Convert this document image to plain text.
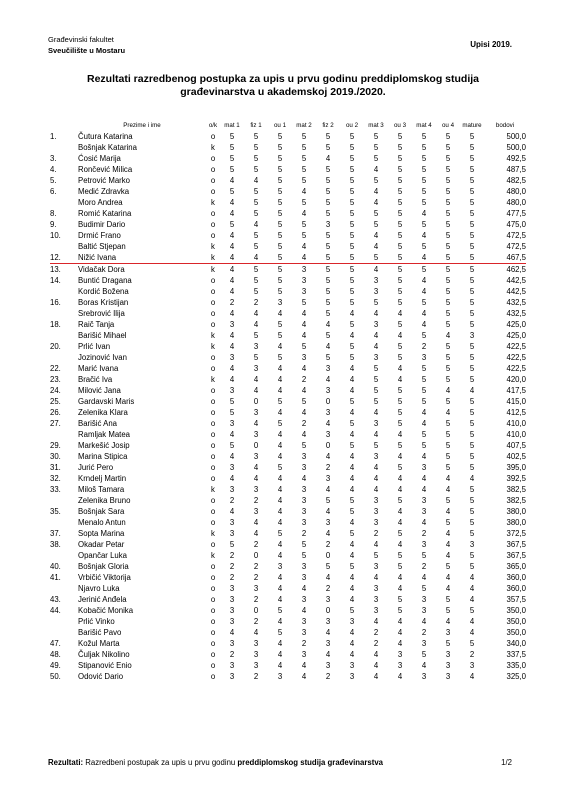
Građevinski fakultet
Sveučilište u Mostaru
Upisi 2019.
Rezultati razredbenog postupka za upis u prvu godinu preddiplomskog studija
građevinarstva u akademskoj 2019./2020.
	Prezime i ime	o/k	mat 1	fiz 1	ou 1	mat 2	fiz 2	ou 2	mat 3	ou 3	mat 4	ou 4	mature	bodovi
1.	Čutura Katarina	o	5	5	5	5	5	5	5	5	5	5	5	500,0
	Bošnjak Katarina	k	5	5	5	5	5	5	5	5	5	5	5	500,0
3.	Ćosić Marija	o	5	5	5	5	4	5	5	5	5	5	5	492,5
4.	Rončević Milica	o	5	5	5	5	5	5	4	5	5	5	5	487,5
5.	Petrović Marko	o	4	4	5	5	5	5	5	5	5	5	5	482,5
6.	Medić Zdravka	o	5	5	5	4	5	5	4	5	5	5	5	480,0
	Moro Andrea	k	4	5	5	5	5	5	4	5	5	5	5	480,0
8.	Romić Katarina	o	4	5	5	4	5	5	5	5	4	5	5	477,5
9.	Budimir Dario	o	5	4	5	5	3	5	5	5	5	5	5	475,0
10.	Drmić Frano	o	4	5	5	5	5	5	4	5	4	5	5	472,5
	Baltić Stjepan	k	4	5	5	4	5	5	4	5	5	5	5	472,5
12.	Nižić Ivana	k	4	4	5	4	5	5	5	5	4	5	5	467,5
13.	Vidačak Dora	k	4	5	5	3	5	5	4	5	5	5	5	462,5
14.	Buntić Dragana	o	4	5	5	3	5	5	3	5	4	5	5	442,5
	Kordić Božena	o	4	5	5	3	5	5	3	5	4	5	5	442,5
16.	Boras Kristijan	o	2	2	3	5	5	5	5	5	5	5	5	432,5
	Srebrović Ilija	o	4	4	4	4	5	4	4	4	4	5	5	432,5
18.	Raič Tanja	o	3	4	5	4	4	5	3	5	4	5	5	425,0
	Barišić Mihael	k	4	5	5	4	5	4	4	4	5	4	3	425,0
20.	Prlić Ivan	k	4	3	4	5	4	5	4	5	2	5	5	422,5
	Jozinović Ivan	o	3	5	5	3	5	5	3	5	3	5	5	422,5
22.	Marić Ivana	o	4	3	4	4	3	4	5	4	5	5	5	422,5
23.	Bračić Iva	k	4	4	4	2	4	4	5	4	5	5	5	420,0
24.	Milović Jana	o	3	4	4	4	3	4	5	5	5	4	4	417,5
25.	Gardavski Maris	o	5	0	5	5	0	5	5	5	5	5	5	415,0
26.	Zelenika Klara	o	5	3	4	4	3	4	4	5	4	4	5	412,5
27.	Barišić Ana	o	3	4	5	2	4	5	3	5	4	5	5	410,0
	Ramljak Matea	o	4	3	4	4	3	4	4	4	5	5	5	410,0
29.	Markešić Josip	o	5	0	4	5	0	5	5	5	5	5	5	407,5
30.	Marina Stipica	o	4	3	4	3	4	4	3	4	4	5	5	402,5
31.	Jurić Pero	o	3	4	5	3	2	4	4	5	3	5	5	395,0
32.	Krndelj Martin	o	4	4	4	4	3	4	4	4	4	4	4	392,5
33.	Miloš Tamara	k	3	3	4	3	4	4	4	4	4	4	5	382,5
	Zelenika Bruno	o	2	2	4	3	5	5	3	5	3	5	5	382,5
35.	Bošnjak Sara	o	4	3	4	3	4	5	3	4	3	4	5	380,0
	Menalo Antun	o	3	4	4	3	3	4	3	4	4	5	5	380,0
37.	Sopta Marina	k	3	4	5	2	4	5	2	5	2	4	5	372,5
38.	Okadar Petar	o	5	2	4	5	2	4	4	4	3	4	3	367,5
	Opančar Luka	k	2	0	4	5	0	4	5	5	5	4	5	367,5
40.	Bošnjak Gloria	o	2	2	3	3	5	5	3	5	2	5	5	365,0
41.	Vrbičić Viktorija	o	2	2	4	3	4	4	4	4	4	4	4	360,0
	Njavro Luka	o	3	3	4	4	2	4	3	4	5	4	4	360,0
43.	Jerinić Anđela	o	3	2	4	3	3	4	3	5	3	5	4	357,5
44.	Kobačić Monika	o	3	0	5	4	0	5	3	5	3	5	5	350,0
	Prlić Vinko	o	3	2	4	3	3	3	4	4	4	4	4	350,0
	Barišić Pavo	o	4	4	5	3	4	4	2	4	2	3	4	350,0
47.	Kožul Marta	o	3	3	4	2	3	4	2	4	3	5	5	340,0
48.	Čuljak Nikolino	o	2	3	4	3	4	4	4	3	5	3	2	337,5
49.	Stipanović Enio	o	3	3	4	4	3	3	4	3	4	3	3	335,0
50.	Odović Dario	o	3	2	3	4	2	3	4	4	3	3	4	325,0
Rezultati: Razredbeni postupak za upis u prvu godinu preddiplomskog studija građevinarstva	1/2
